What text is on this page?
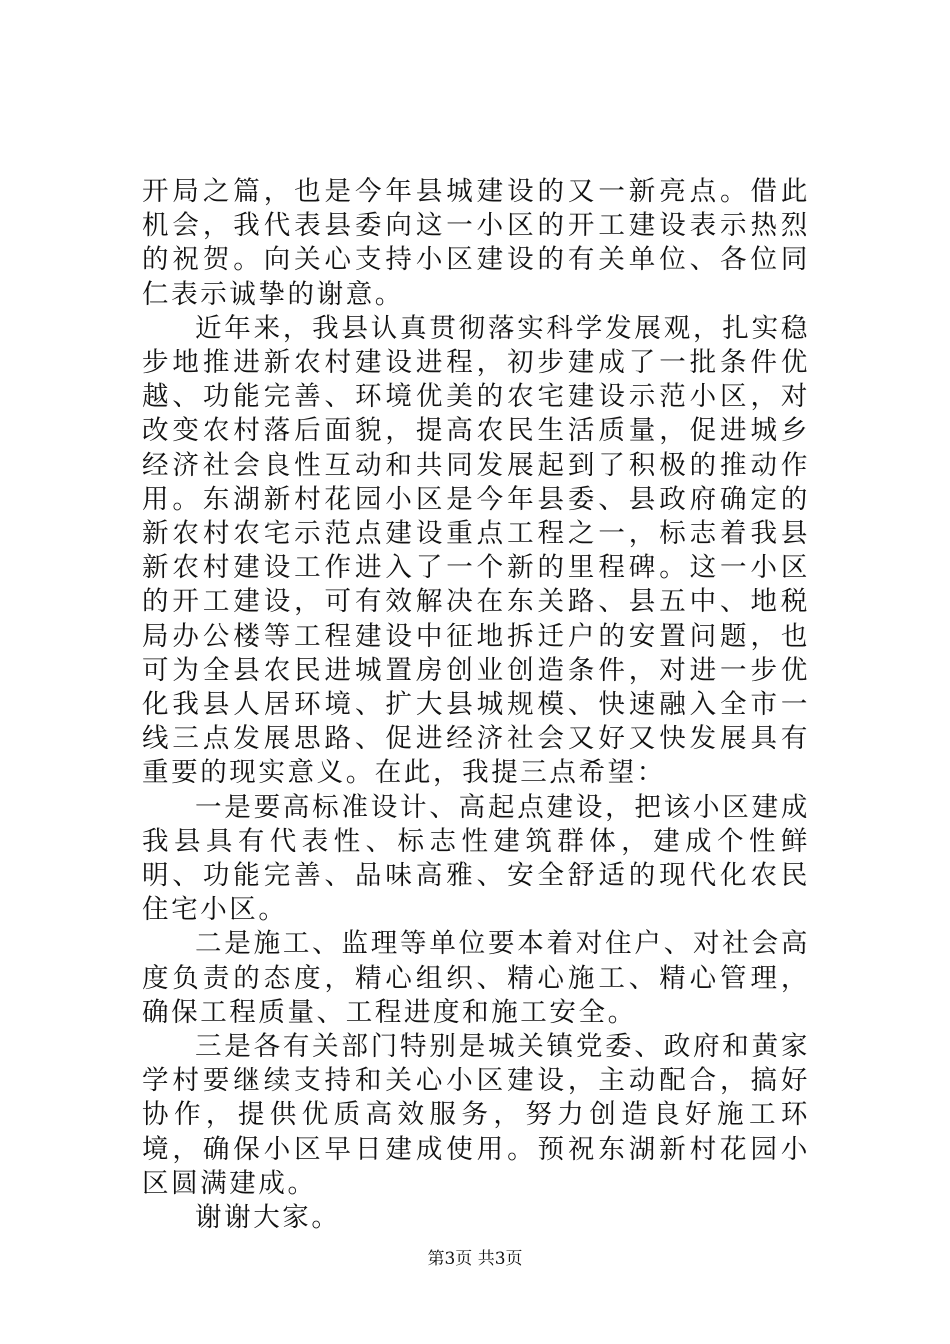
开局之篇，也是今年县城建设的又一新亮点。借此机会，我代表县委向这一小区的开工建设表示热烈的祝贺。向关心支持小区建设的有关单位、各位同仁表示诚挚的谢意。

近年来，我县认真贯彻落实科学发展观，扎实稳步地推进新农村建设进程，初步建成了一批条件优越、功能完善、环境优美的农宅建设示范小区，对改变农村落后面貌，提高农民生活质量，促进城乡经济社会良性互动和共同发展起到了积极的推动作用。东湖新村花园小区是今年县委、县政府确定的新农村农宅示范点建设重点工程之一，标志着我县新农村建设工作进入了一个新的里程碑。这一小区的开工建设，可有效解决在东关路、县五中、地税局办公楼等工程建设中征地拆迁户的安置问题，也可为全县农民进城置房创业创造条件，对进一步优化我县人居环境、扩大县城规模、快速融入全市一线三点发展思路、促进经济社会又好又快发展具有重要的现实意义。在此，我提三点希望：

一是要高标准设计、高起点建设，把该小区建成我县具有代表性、标志性建筑群体，建成个性鲜明、功能完善、品味高雅、安全舒适的现代化农民住宅小区。

二是施工、监理等单位要本着对住户、对社会高度负责的态度，精心组织、精心施工、精心管理，确保工程质量、工程进度和施工安全。

三是各有关部门特别是城关镇党委、政府和黄家学村要继续支持和关心小区建设，主动配合，搞好协作，提供优质高效服务，努力创造良好施工环境，确保小区早日建成使用。预祝东湖新村花园小区圆满建成。

谢谢大家。

第3页 共3页
